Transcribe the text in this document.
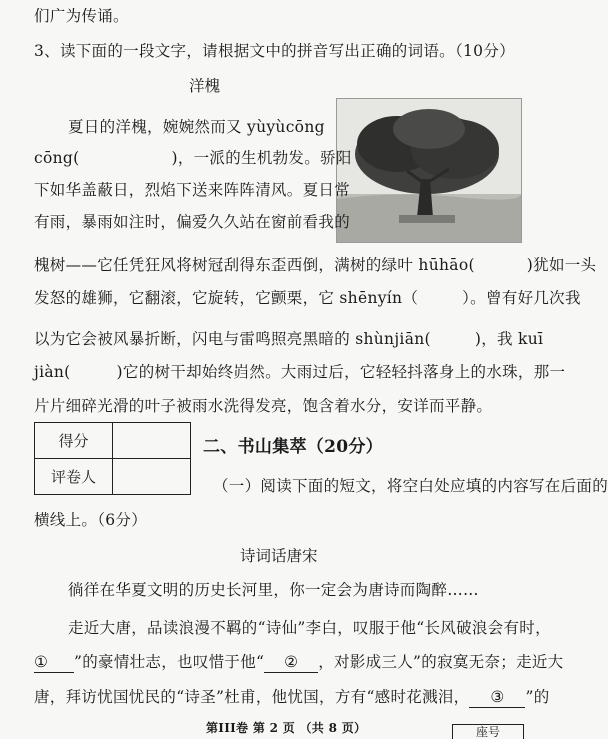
们广为传诵。
3、读下面的一段文字，请根据文中的拼音写出正确的词语。（10分）
洋槐
夏日的洋槐，婉婉然而又 yùyùcōng
cōng(	)，一派的生机勃发。骄阳
下如华盖蔽日，烈焰下送来阵阵清风。夏日常
有雨，暴雨如注时，偏爱久久站在窗前看我的
槐树——它任凭狂风将树冠刮得东歪西倒，满树的绿叶 hūhāo(	)犹如一头
发怒的雄狮，它翻滚，它旋转，它颤栗，它 shēnyín（	）。曾有好几次我
以为它会被风暴折断，闪电与雷鸣照亮黑暗的 shùnjiān(	)，我 kuī
jiàn(	)它的树干却始终岿然。大雨过后，它轻轻抖落身上的水珠，那一
片片细碎光滑的叶子被雨水洗得发亮，饱含着水分，安详而平静。
得分	
评卷人	
二、书山集萃（20分）
（一）阅读下面的短文，将空白处应填的内容写在后面的
横线上。（6分）
诗词话唐宋
徜徉在华夏文明的历史长河里，你一定会为唐诗而陶醉……
走近大唐，品读浪漫不羁的“诗仙”李白，叹服于他“长风破浪会有时，
① ”的豪情壮志，也叹惜于他“ ② ，对影成三人”的寂寞无奈；走近大
唐，拜访忧国忧民的“诗圣”杜甫，他忧国，方有“感时花溅泪， ③ ”的
第III卷 第 2 页 （共 8 页）	座号
